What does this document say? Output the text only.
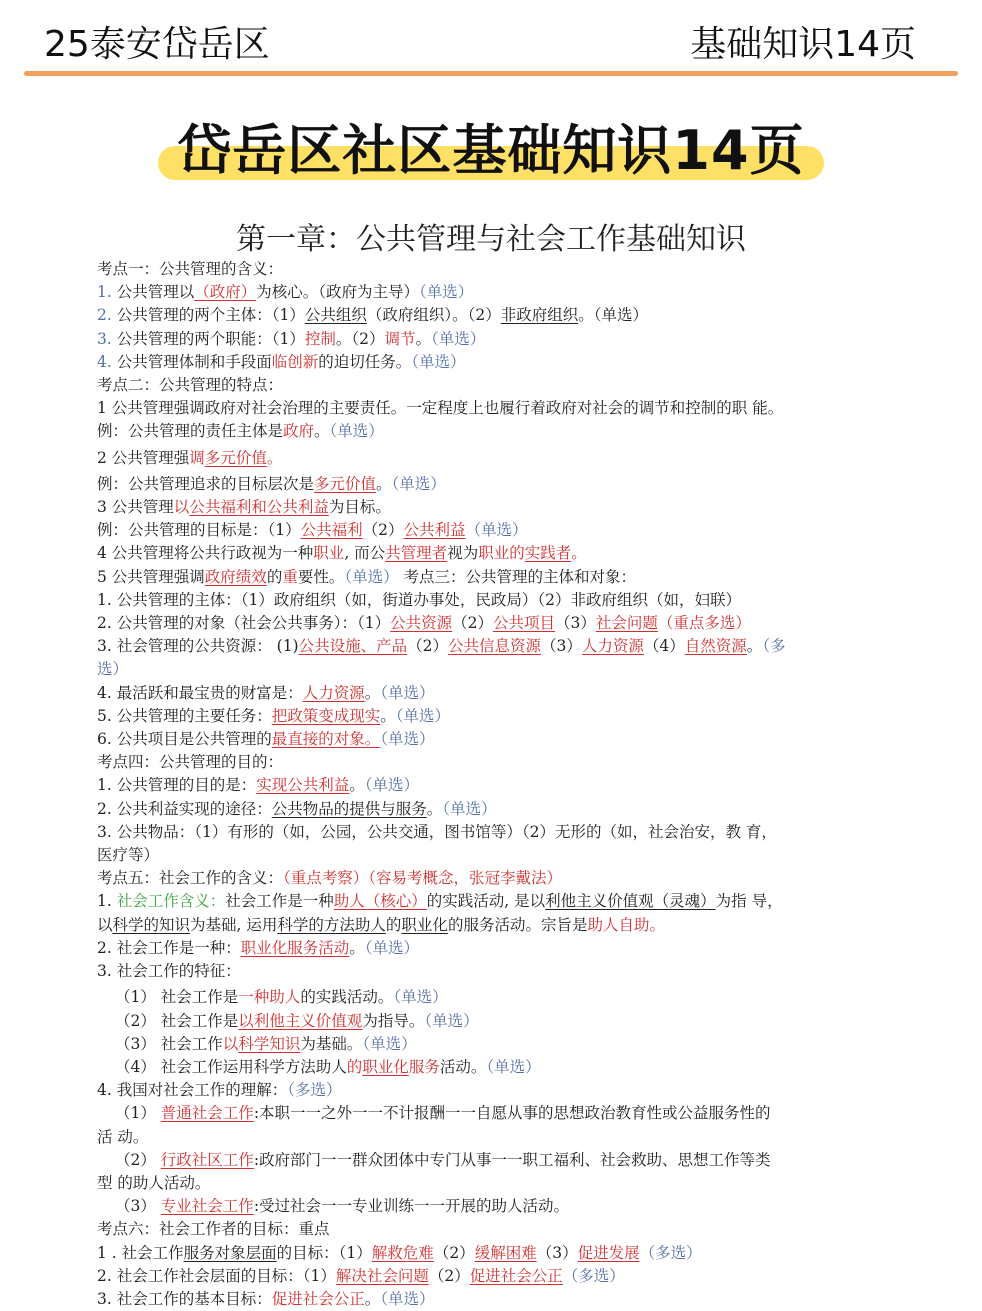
25泰安岱岳区	基础知识14页
岱岳区社区基础知识14页
第一章：公共管理与社会工作基础知识
考点一：公共管理的含义：
1. 公共管理以（政府）为核心。（政府为主导）（单选）
2. 公共管理的两个主体：（1）公共组织（政府组织）。（2）非政府组织。（单选）
3. 公共管理的两个职能：（1）控制。（2）调节。（单选）
4. 公共管理体制和手段面临创新的迫切任务。（单选）
考点二：公共管理的特点：
1 公共管理强调政府对社会治理的主要责任。一定程度上也履行着政府对社会的调节和控制的职 能。
例：公共管理的责任主体是政府。（单选）
2 公共管理强调多元价值。
例：公共管理追求的目标层次是多元价值。（单选）
3 公共管理以公共福利和公共利益为目标。
例：公共管理的目标是：（1）公共福利（2）公共利益（单选）
4 公共管理将公共行政视为一种职业, 而公共管理者视为职业的实践者。
5 公共管理强调政府绩效的重要性。（单选） 考点三：公共管理的主体和对象：
1. 公共管理的主体：（1）政府组织（如，街道办事处，民政局）（2）非政府组织（如，妇联）
2. 公共管理的对象（社会公共事务）：（1）公共资源（2）公共项目（3）社会问题（重点多选）
3. 社会管理的公共资源： (1)公共设施、产品（2）公共信息资源（3）人力资源（4）自然资源。（多
选）
4. 最活跃和最宝贵的财富是：人力资源。（单选）
5. 公共管理的主要任务：把政策变成现实。（单选）
6. 公共项目是公共管理的最直接的对象。（单选）
考点四：公共管理的目的：
1. 公共管理的目的是：实现公共利益。（单选）
2. 公共利益实现的途径：公共物品的提供与服务。（单选）
3. 公共物品：（1）有形的（如，公园，公共交通，图书馆等）（2）无形的（如，社会治安，教 育，
医疗等）
考点五：社会工作的含义：（重点考察）（容易考概念，张冠李戴法）
1. 社会工作含义：社会工作是一种助人（核心）的实践活动, 是以利他主义价值观（灵魂）为指 导，
以科学的知识为基础, 运用科学的方法助人的职业化的服务活动。宗旨是助人自助。
2. 社会工作是一种：职业化服务活动。（单选）
3. 社会工作的特征：
（1） 社会工作是一种助人的实践活动。（单选）
（2） 社会工作是以利他主义价值观为指导。（单选）
（3） 社会工作以科学知识为基础。（单选）
（4） 社会工作运用科学方法助人的职业化服务活动。（单选）
4. 我国对社会工作的理解：（多选）
（1） 普通社会工作:本职一一之外一一不计报酬一一自愿从事的思想政治教育性或公益服务性的
活 动。
（2） 行政社区工作:政府部门一一群众团体中专门从事一一职工福利、社会救助、思想工作等类
型 的助人活动。
（3） 专业社会工作:受过社会一一专业训练一一开展的助人活动。
考点六：社会工作者的目标：重点
1 . 社会工作服务对象层面的目标：（1）解救危难（2）缓解困难（3）促进发展（多选）
2. 社会工作社会层面的目标：（1）解决社会问题（2）促进社会公正（多选）
3. 社会工作的基本目标：促进社会公正。（单选）
